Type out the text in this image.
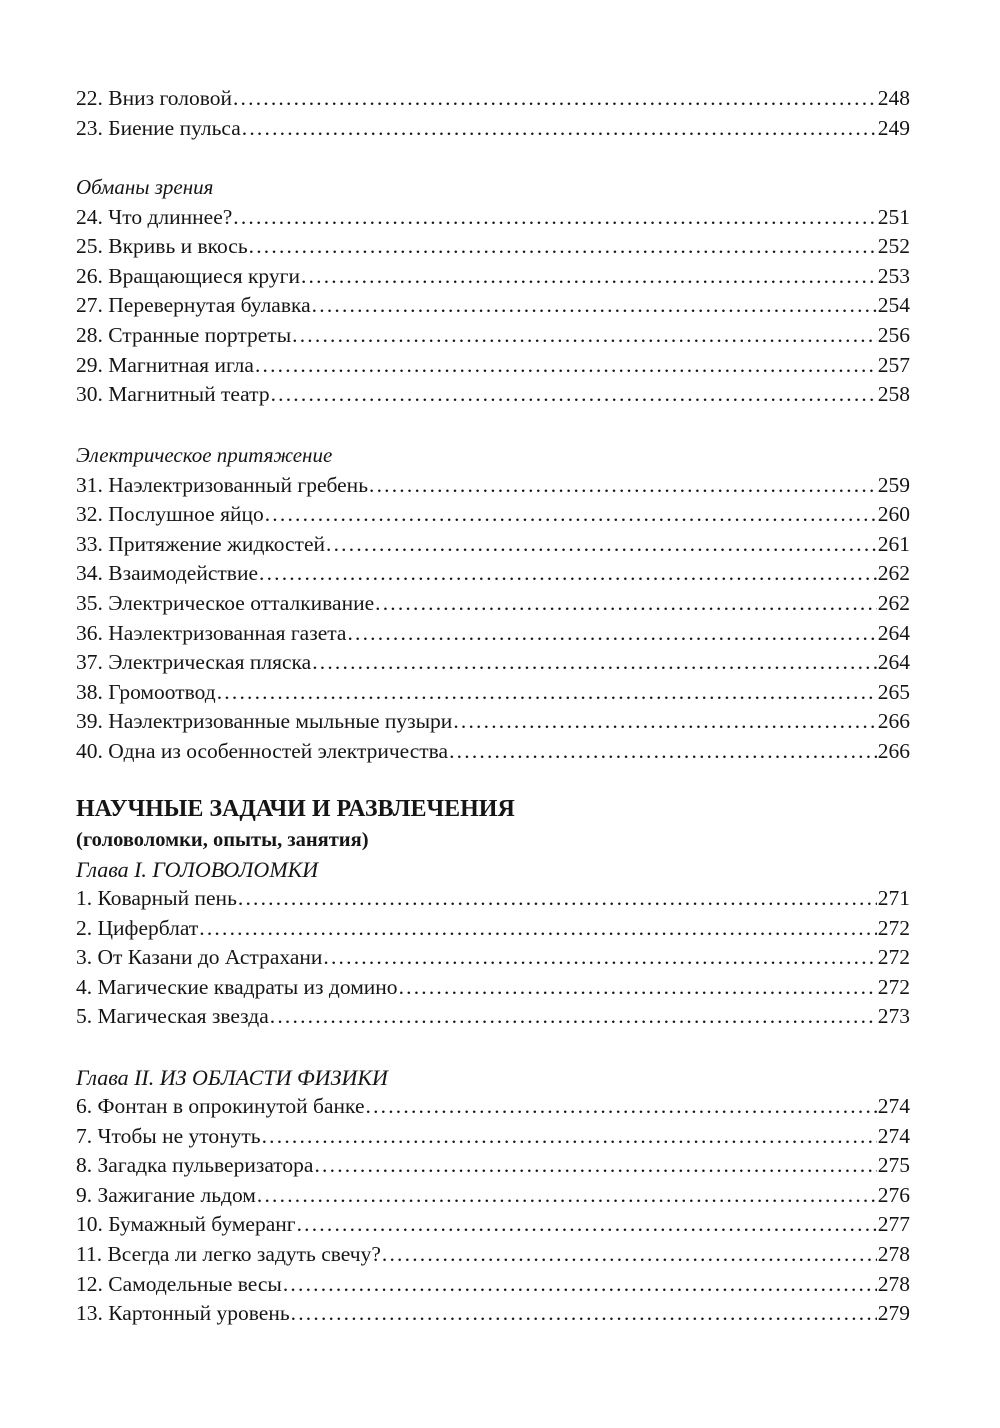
22. Вниз головой .....	248
23. Биение пульса .....	249
Обманы зрения
24. Что длиннее? .....	251
25. Вкривь и вкось .....	252
26. Вращающиеся круги .....	253
27. Перевернутая булавка .....	254
28. Странные портреты .....	256
29. Магнитная игла .....	257
30. Магнитный театр .....	258
Электрическое притяжение
31. Наэлектризованный гребень .....	259
32. Послушное яйцо .....	260
33. Притяжение жидкостей .....	261
34. Взаимодействие .....	262
35. Электрическое отталкивание .....	262
36. Наэлектризованная газета .....	264
37. Электрическая пляска .....	264
38. Громоотвод .....	265
39. Наэлектризованные мыльные пузыри .....	266
40. Одна из особенностей электричества .....	266
НАУЧНЫЕ ЗАДАЧИ И РАЗВЛЕЧЕНИЯ
(головоломки, опыты, занятия)
Глава I. ГОЛОВОЛОМКИ
1. Коварный пень .....	271
2. Циферблат .....	272
3. От Казани до Астрахани .....	272
4. Магические квадраты из домино .....	272
5. Магическая звезда .....	273
Глава II. ИЗ ОБЛАСТИ ФИЗИКИ
6. Фонтан в опрокинутой банке .....	274
7. Чтобы не утонуть .....	274
8. Загадка пульверизатора .....	275
9. Зажигание льдом .....	276
10. Бумажный бумеранг .....	277
11. Всегда ли легко задуть свечу? .....	278
12. Самодельные весы .....	278
13. Картонный уровень .....	279
